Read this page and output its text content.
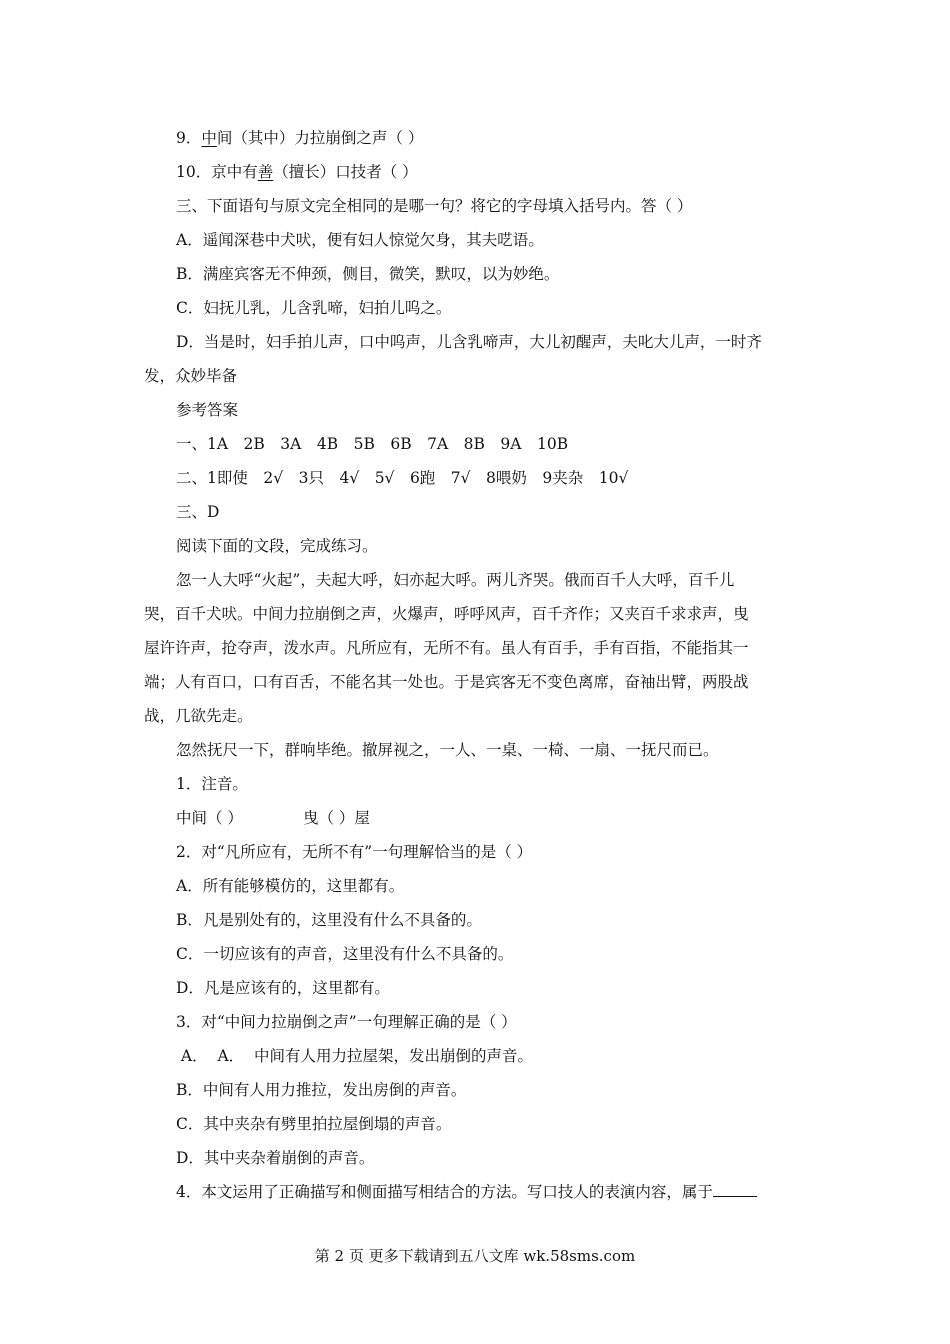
9．中间（其中）力拉崩倒之声（ ）
10．京中有善（擅长）口技者（ ）
三、下面语句与原文完全相同的是哪一句？将它的字母填入括号内。答（ ）
A．遥闻深巷中犬吠，便有妇人惊觉欠身，其夫呓语。
B．满座宾客无不伸颈，侧目，微笑，默叹，以为妙绝。
C．妇抚儿乳，儿含乳啼，妇拍儿呜之。
D．当是时，妇手拍儿声，口中呜声，儿含乳啼声，大儿初醒声，夫叱大儿声，一时齐
发，众妙毕备
参考答案
一、1A　2B　3A　4B　5B　6B　7A　8B　9A　10B
二、1即使　2√　3只　4√　5√　6跑　7√　8喂奶　9夹杂　10√
三、D
阅读下面的文段，完成练习。
忽一人大呼“火起”，夫起大呼，妇亦起大呼。两儿齐哭。俄而百千人大呼，百千儿
哭，百千犬吠。中间力拉崩倒之声，火爆声，呼呼风声，百千齐作；又夹百千求求声，曳
屋许许声，抢夺声，泼水声。凡所应有，无所不有。虽人有百手，手有百指，不能指其一
端；人有百口，口有百舌，不能名其一处也。于是宾客无不变色离席，奋袖出臂，两股战
战，几欲先走。
忽然抚尺一下，群响毕绝。撤屏视之，一人、一桌、一椅、一扇、一抚尺而已。
1．注音。
中间（ ）	曳（ ）屋
2．对“凡所应有，无所不有”一句理解恰当的是（ ）
A．所有能够模仿的，这里都有。
B．凡是别处有的，这里没有什么不具备的。
C．一切应该有的声音，这里没有什么不具备的。
D．凡是应该有的，这里都有。
3．对“中间力拉崩倒之声”一句理解正确的是（ ）
A．  A．  中间有人用力拉屋架，发出崩倒的声音。
B．中间有人用力推拉，发出房倒的声音。
C．其中夹杂有劈里拍拉屋倒塌的声音。
D．其中夹杂着崩倒的声音。
4．本文运用了正确描写和侧面描写相结合的方法。写口技人的表演内容，属于
第 2 页 更多下载请到五八文库 wk.58sms.com
